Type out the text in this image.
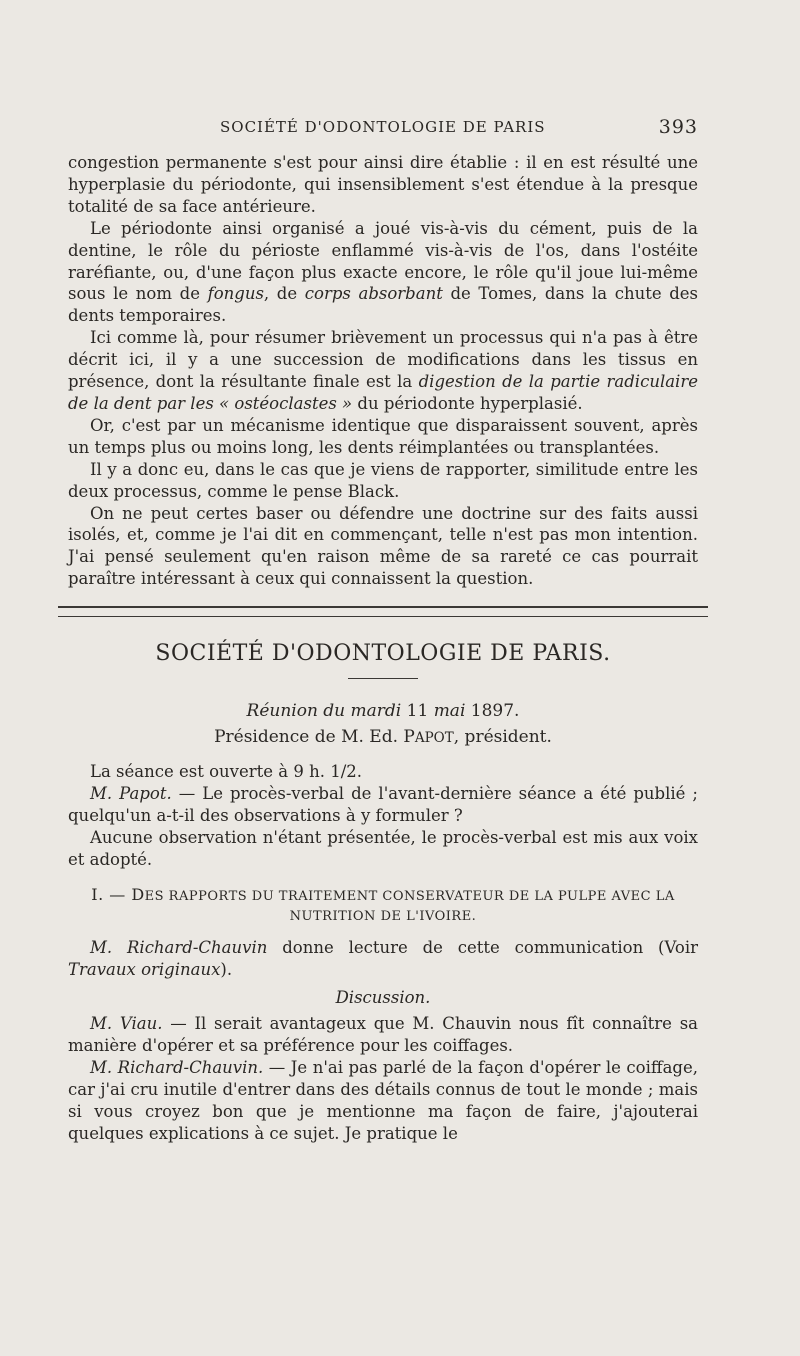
SOCIÉTÉ D'ODONTOLOGIE DE PARIS	393

congestion permanente s'est pour ainsi dire établie : il en est résulté une hyperplasie du périodonte, qui insensiblement s'est étendue à la presque totalité de sa face antérieure.

Le périodonte ainsi organisé a joué vis-à-vis du cément, puis de la dentine, le rôle du périoste enflammé vis-à-vis de l'os, dans l'ostéite raréfiante, ou, d'une façon plus exacte encore, le rôle qu'il joue lui-même sous le nom de fongus, de corps absorbant de Tomes, dans la chute des dents temporaires.

Ici comme là, pour résumer brièvement un processus qui n'a pas à être décrit ici, il y a une succession de modifications dans les tissus en présence, dont la résultante finale est la digestion de la partie radiculaire de la dent par les « ostéoclastes » du périodonte hyperplasié.

Or, c'est par un mécanisme identique que disparaissent souvent, après un temps plus ou moins long, les dents réimplantées ou transplantées.

Il y a donc eu, dans le cas que je viens de rapporter, similitude entre les deux processus, comme le pense Black.

On ne peut certes baser ou défendre une doctrine sur des faits aussi isolés, et, comme je l'ai dit en commençant, telle n'est pas mon intention. J'ai pensé seulement qu'en raison même de sa rareté ce cas pourrait paraître intéressant à ceux qui connaissent la question.

SOCIÉTÉ D'ODONTOLOGIE DE PARIS.
Réunion du mardi 11 mai 1897.
Présidence de M. Ed. PAPOT, président.

La séance est ouverte à 9 h. 1/2.

M. Papot. — Le procès-verbal de l'avant-dernière séance a été publié ; quelqu'un a-t-il des observations à y formuler ?

Aucune observation n'étant présentée, le procès-verbal est mis aux voix et adopté.

I. — DES RAPPORTS DU TRAITEMENT CONSERVATEUR DE LA PULPE AVEC LA NUTRITION DE L'IVOIRE.

M. Richard-Chauvin donne lecture de cette communication (Voir Travaux originaux).

Discussion.

M. Viau. — Il serait avantageux que M. Chauvin nous fît connaître sa manière d'opérer et sa préférence pour les coiffages.

M. Richard-Chauvin. — Je n'ai pas parlé de la façon d'opérer le coiffage, car j'ai cru inutile d'entrer dans des détails connus de tout le monde ; mais si vous croyez bon que je mentionne ma façon de faire, j'ajouterai quelques explications à ce sujet. Je pratique le
